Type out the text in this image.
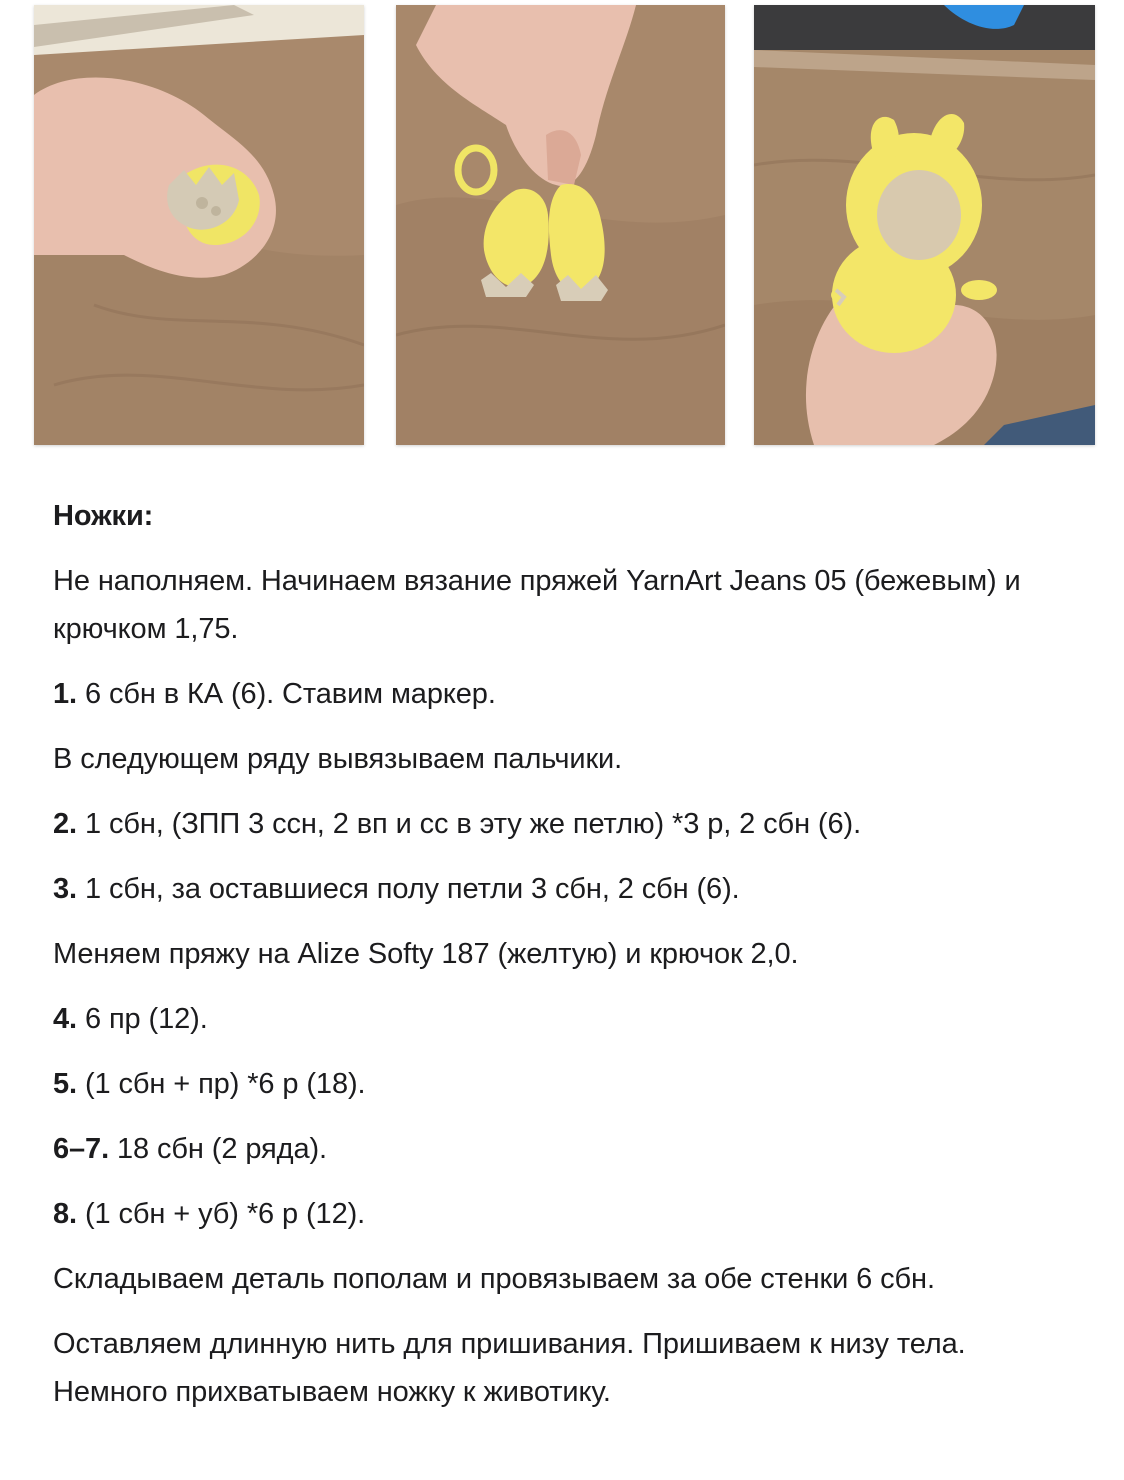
Ножки:

Не наполняем. Начинаем вязание пряжей YarnArt Jeans 05 (бежевым) и крючком 1,75.

1. 6 сбн в КА (6). Ставим маркер.

В следующем ряду вывязываем пальчики.

2. 1 сбн, (ЗПП 3 ссн, 2 вп и сс в эту же петлю) *3 р, 2 сбн (6).

3. 1 сбн, за оставшиеся полу петли 3 сбн, 2 сбн (6).

Меняем пряжу на Alize Softy 187 (желтую) и крючок 2,0.

4. 6 пр (12).

5. (1 сбн + пр) *6 р (18).

6–7. 18 сбн (2 ряда).

8. (1 сбн + уб) *6 р (12).

Складываем деталь пополам и провязываем за обе стенки 6 сбн.

Оставляем длинную нить для пришивания. Пришиваем к низу тела. Немного прихватываем ножку к животику.
